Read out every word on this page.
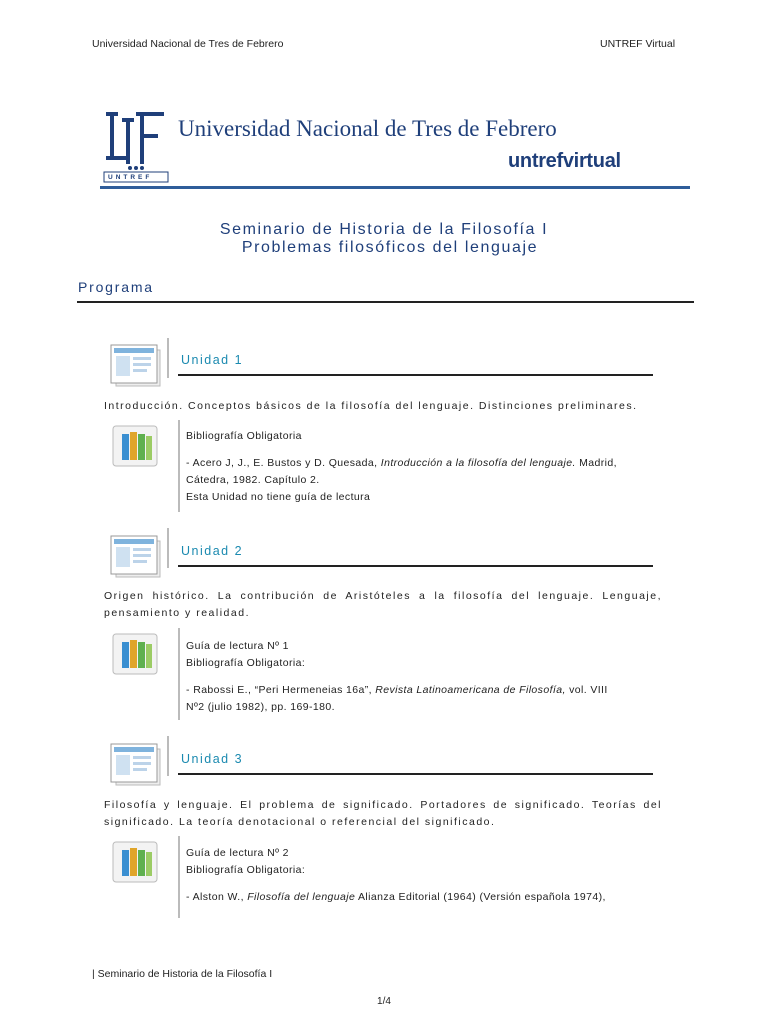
Universidad Nacional de Tres de Febrero	UNTREF Virtual
UNTREF
Universidad Nacional de Tres de Febrero
untrefvirtual
Seminario de Historia de la Filosofía I
Problemas filosóficos del lenguaje
Programa
Unidad 1
Introducción. Conceptos básicos de la filosofía del lenguaje. Distinciones preliminares.
Bibliografía Obligatoria
- Acero J, J., E. Bustos y D. Quesada, Introducción a la filosofía del lenguaje. Madrid,
Cátedra, 1982. Capítulo 2.
Esta Unidad no tiene guía de lectura
Unidad 2
Origen histórico. La contribución de Aristóteles a la filosofía del lenguaje. Lenguaje, pensamiento y realidad.
Guía de lectura Nº 1
Bibliografía Obligatoria:
- Rabossi E., “Peri Hermeneias 16a”, Revista Latinoamericana de Filosofía, vol. VIII
Nº2 (julio 1982), pp. 169-180.
Unidad 3
Filosofía y lenguaje. El problema de significado. Portadores de significado. Teorías del significado. La teoría denotacional o referencial del significado.
Guía de lectura Nº 2
Bibliografía Obligatoria:
- Alston W., Filosofía del lenguaje Alianza Editorial (1964) (Versión española 1974),
| Seminario de Historia de la Filosofía I
1/4
